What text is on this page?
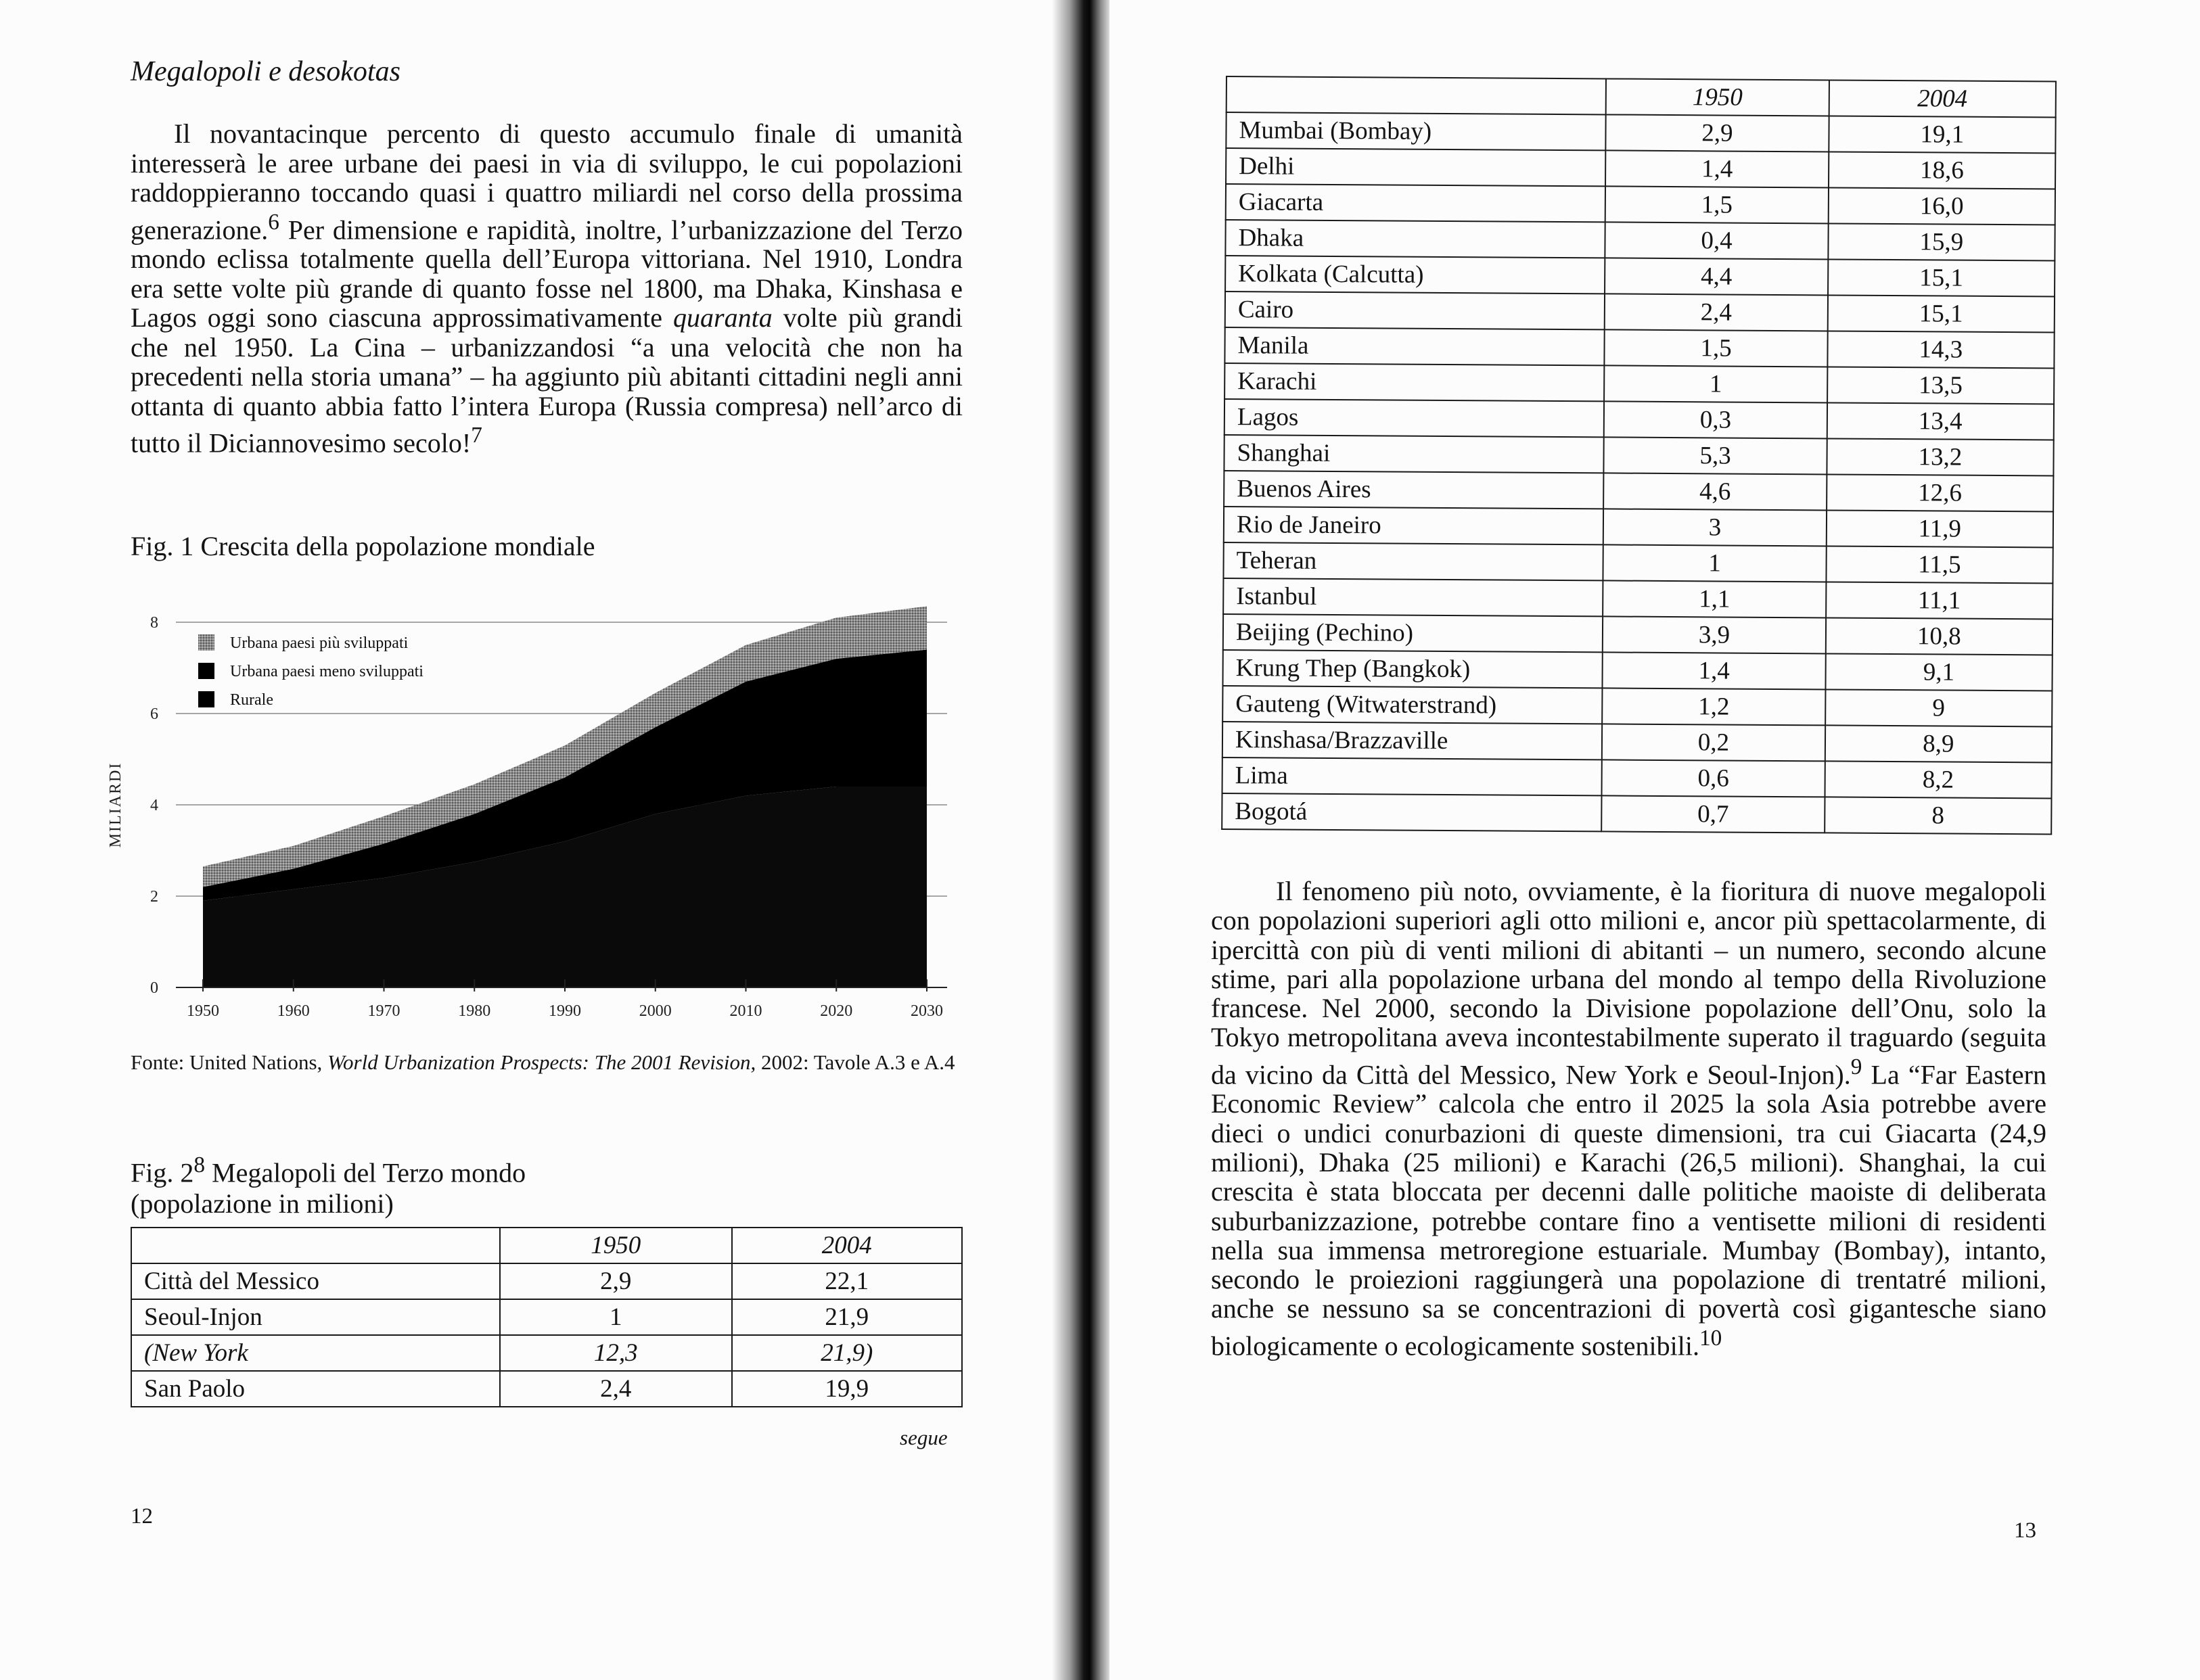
Megalopoli e desokotas

Il novantacinque percento di questo accumulo finale di umanità interesserà le aree urbane dei paesi in via di sviluppo, le cui popolazioni raddoppieranno toccando quasi i quattro miliardi nel corso della prossima generazione.$^6$ Per dimensione e rapidità, inoltre, l’urbanizzazione del Terzo mondo eclissa totalmente quella dell’Europa vittoriana. Nel 1910, Londra era sette volte più grande di quanto fosse nel 1800, ma Dhaka, Kinshasa e Lagos oggi sono ciascuna approssimativamente quaranta volte più grandi che nel 1950. La Cina – urbanizzandosi “a una velocità che non ha precedenti nella storia umana” – ha aggiunto più abitanti cittadini negli anni ottanta di quanto abbia fatto l’intera Europa (Russia compresa) nell’arco di tutto il Diciannovesimo secolo!$^7$

Fig. 1 Crescita della popolazione mondiale

0
2
4
6
8
MILIARDI
1950	1960	1970	1980	1990	2000	2010	2020	2030
Urbana paesi più sviluppati
Urbana paesi meno sviluppati
Rurale

Fonte: United Nations, World Urbanization Prospects: The 2001 Revision, 2002: Tavole A.3 e A.4

Fig. $2^8$ Megalopoli del Terzo mondo
(popolazione in milioni)

	1950	2004
Città del Messico	2,9	22,1
Seoul-Injon	1	21,9
(New York	12,3	21,9)
San Paolo	2,4	19,9

segue

12

13

	1950	2004
Mumbai (Bombay)	2,9	19,1
Delhi	1,4	18,6
Giacarta	1,5	16,0
Dhaka	0,4	15,9
Kolkata (Calcutta)	4,4	15,1
Cairo	2,4	15,1
Manila	1,5	14,3
Karachi	1	13,5
Lagos	0,3	13,4
Shanghai	5,3	13,2
Buenos Aires	4,6	12,6
Rio de Janeiro	3	11,9
Teheran	1	11,5
Istanbul	1,1	11,1
Beijing (Pechino)	3,9	10,8
Krung Thep (Bangkok)	1,4	9,1
Gauteng (Witwaterstrand)	1,2	9
Kinshasa/Brazzaville	0,2	8,9
Lima	0,6	8,2
Bogotá	0,7	8

Il fenomeno più noto, ovviamente, è la fioritura di nuove megalopoli con popolazioni superiori agli otto milioni e, ancor più spettacolarmente, di ipercittà con più di venti milioni di abitanti – un numero, secondo alcune stime, pari alla popolazione urbana del mondo al tempo della Rivoluzione francese. Nel 2000, secondo la Divisione popolazione dell’Onu, solo la Tokyo metropolitana aveva incontestabilmente superato il traguardo (seguita da vicino da Città del Messico, New York e Seoul-Injon).$^9$ La “Far Eastern Economic Review” calcola che entro il 2025 la sola Asia potrebbe avere dieci o undici conurbazioni di queste dimensioni, tra cui Giacarta (24,9 milioni), Dhaka (25 milioni) e Karachi (26,5 milioni). Shanghai, la cui crescita è stata bloccata per decenni dalle politiche maoiste di deliberata suburbanizzazione, potrebbe contare fino a ventisette milioni di residenti nella sua immensa metroregione estuariale. Mumbay (Bombay), intanto, secondo le proiezioni raggiungerà una popolazione di trentatré milioni, anche se nessuno sa se concentrazioni di povertà così gigantesche siano biologicamente o ecologicamente sostenibili.$^{10}$
